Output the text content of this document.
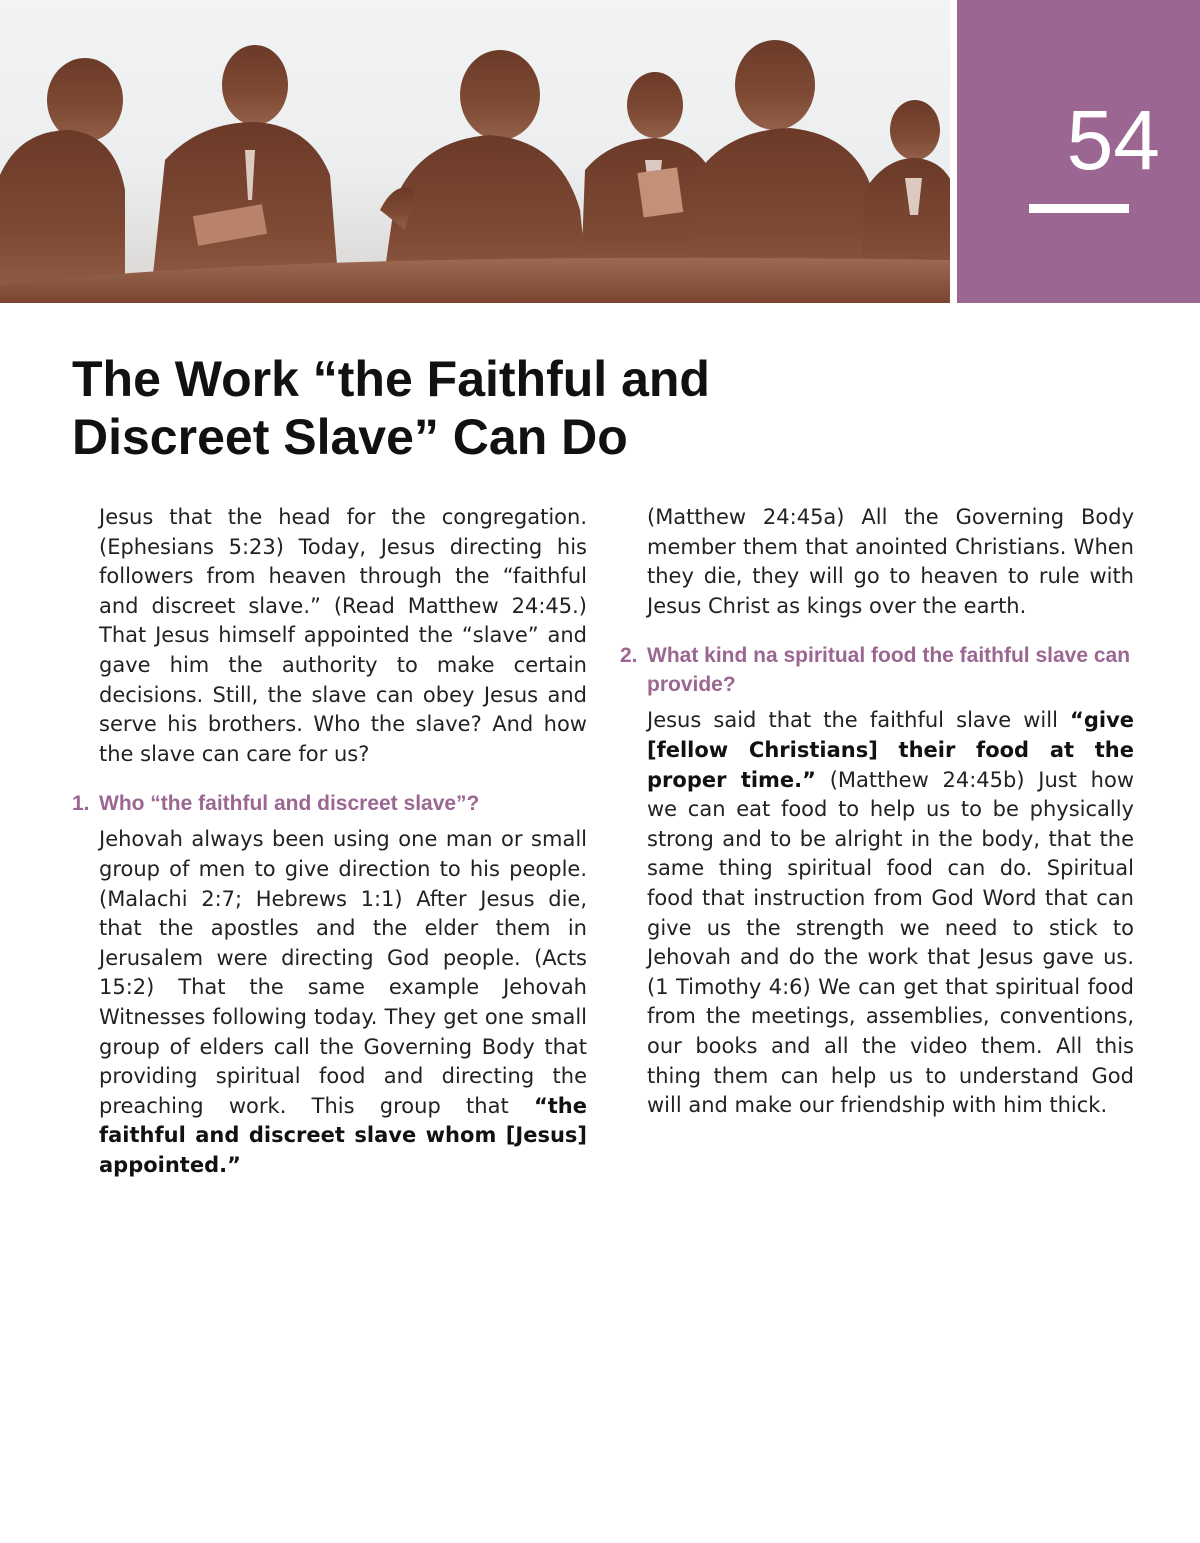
54
The Work “the Faithful and
Discreet Slave” Can Do

Jesus that the head for the congregation. (Ephesians 5:23) Today, Jesus directing his followers from heaven through the “faithful and discreet slave.” (Read Matthew 24:45.) That Jesus himself appointed the “slave” and gave him the authority to make certain decisions. Still, the slave can obey Jesus and serve his brothers. Who the slave? And how the slave can care for us?

1. Who “the faithful and discreet slave”?

Jehovah always been using one man or small group of men to give direction to his people. (Malachi 2:7; Hebrews 1:1) After Jesus die, that the apostles and the elder them in Jerusalem were directing God people. (Acts 15:2) That the same example Jehovah Witnesses following today. They get one small group of elders call the Governing Body that providing spiritual food and directing the preaching work. This group that “the faithful and discreet slave whom [Jesus] appointed.”

(Matthew 24:45a) All the Governing Body member them that anointed Christians. When they die, they will go to heaven to rule with Jesus Christ as kings over the earth.

2. What kind na spiritual food the faithful slave can provide?

Jesus said that the faithful slave will “give [fellow Christians] their food at the proper time.” (Matthew 24:45b) Just how we can eat food to help us to be physically strong and to be alright in the body, that the same thing spiritual food can do. Spiritual food that instruction from God Word that can give us the strength we need to stick to Jehovah and do the work that Jesus gave us. (1 Timothy 4:6) We can get that spiritual food from the meetings, assemblies, conventions, our books and all the video them. All this thing them can help us to understand God will and make our friendship with him thick.
